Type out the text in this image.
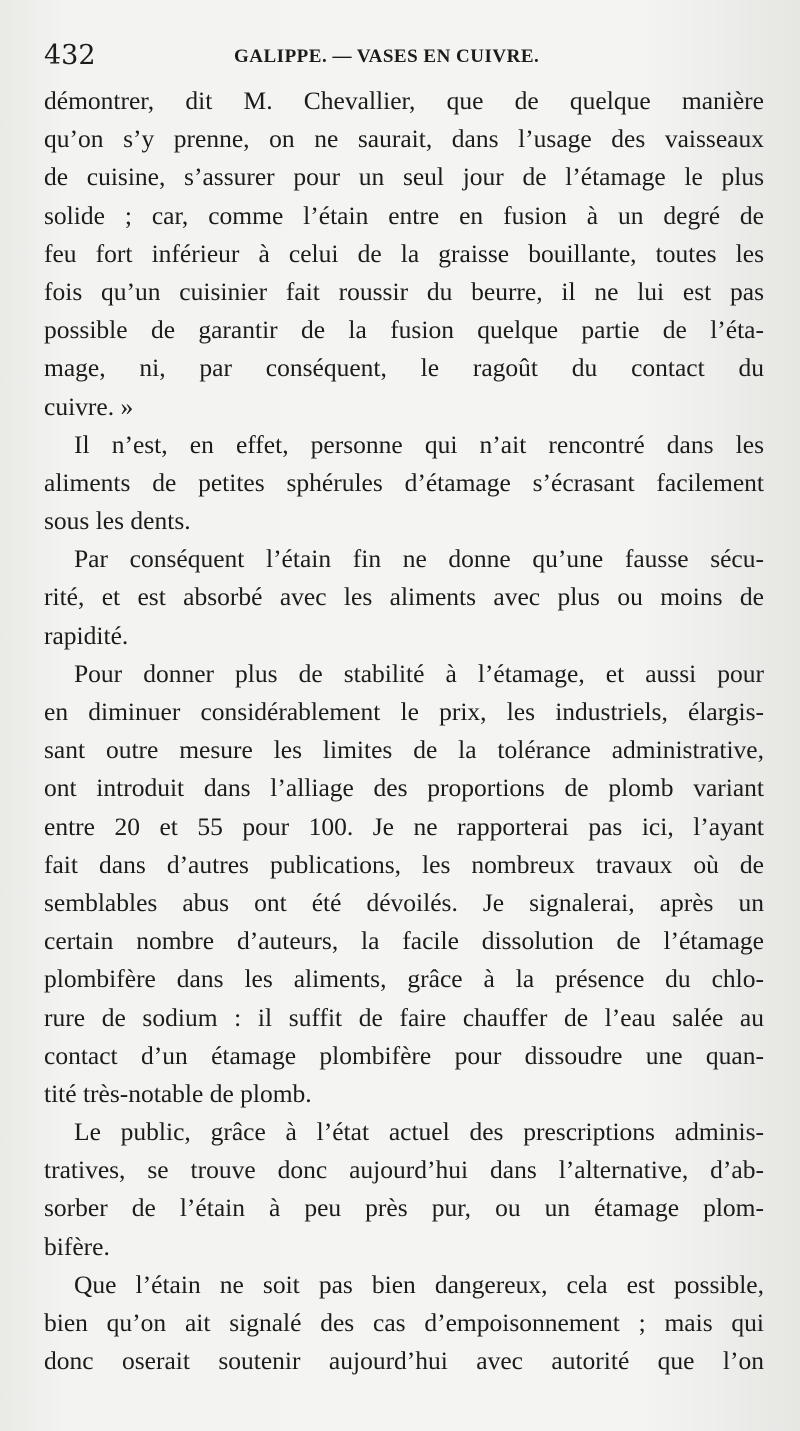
432	GALIPPE. — VASES EN CUIVRE.
démontrer, dit M. Chevallier, que de quelque manière
qu’on s’y prenne, on ne saurait, dans l’usage des vaisseaux
de cuisine, s’assurer pour un seul jour de l’étamage le plus
solide ; car, comme l’étain entre en fusion à un degré de
feu fort inférieur à celui de la graisse bouillante, toutes les
fois qu’un cuisinier fait roussir du beurre, il ne lui est pas
possible de garantir de la fusion quelque partie de l’éta-
mage, ni, par conséquent, le ragoût du contact du
cuivre. »
Il n’est, en effet, personne qui n’ait rencontré dans les
aliments de petites sphérules d’étamage s’écrasant facilement
sous les dents.
Par conséquent l’étain fin ne donne qu’une fausse sécu-
rité, et est absorbé avec les aliments avec plus ou moins de
rapidité.
Pour donner plus de stabilité à l’étamage, et aussi pour
en diminuer considérablement le prix, les industriels, élargis-
sant outre mesure les limites de la tolérance administrative,
ont introduit dans l’alliage des proportions de plomb variant
entre 20 et 55 pour 100. Je ne rapporterai pas ici, l’ayant
fait dans d’autres publications, les nombreux travaux où de
semblables abus ont été dévoilés. Je signalerai, après un
certain nombre d’auteurs, la facile dissolution de l’étamage
plombifère dans les aliments, grâce à la présence du chlo-
rure de sodium : il suffit de faire chauffer de l’eau salée au
contact d’un étamage plombifère pour dissoudre une quan-
tité très-notable de plomb.
Le public, grâce à l’état actuel des prescriptions adminis-
tratives, se trouve donc aujourd’hui dans l’alternative, d’ab-
sorber de l’étain à peu près pur, ou un étamage plom-
bifère.
Que l’étain ne soit pas bien dangereux, cela est possible,
bien qu’on ait signalé des cas d’empoisonnement ; mais qui
donc oserait soutenir aujourd’hui avec autorité que l’on
